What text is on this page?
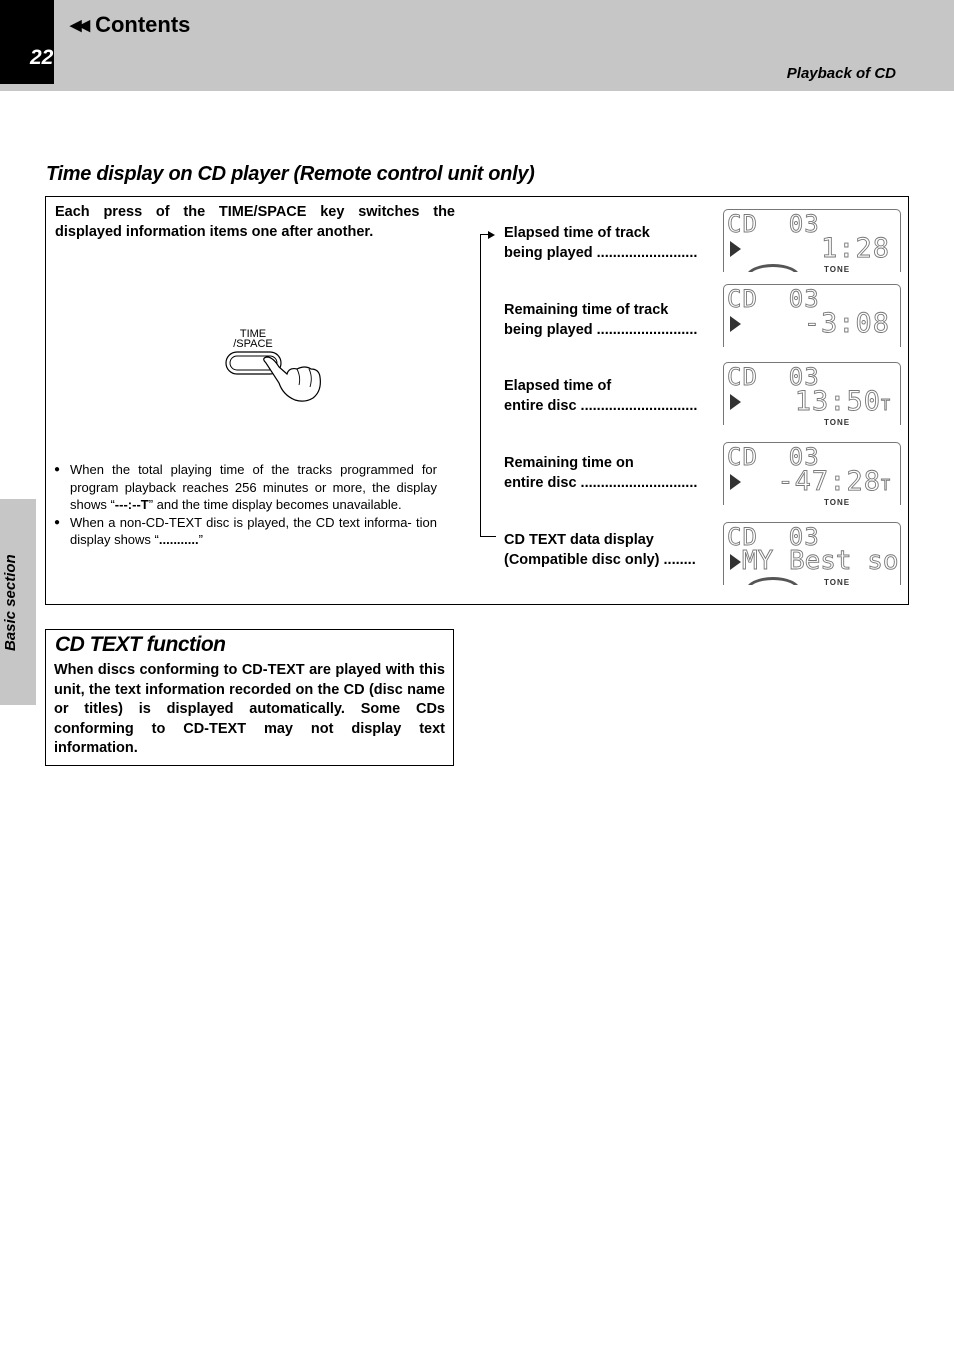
22
◀◀ Contents
Playback of CD
Basic section
Time display on CD player (Remote control unit only)
Each press of the TIME/SPACE key switches the displayed information items one after another.
TIME
/SPACE
● When the total playing time of the tracks programmed for program playback reaches 256 minutes or more, the display shows “---:--T” and the time display becomes unavailable.
● When a non-CD-TEXT disc is played, the CD text informa- tion display shows “...........”
Elapsed time of track
being played .........................
CD  03
1:28
TONE
Remaining time of track
being played .........................
CD  03
-3:08
Elapsed time of
entire disc .............................
CD  03
13:50T
TONE
Remaining time on
entire disc .............................
CD  03
-47:28T
TONE
CD TEXT data display
(Compatible disc only) ........
CD  03
MY Best so
TONE
CD TEXT function
When discs conforming to CD-TEXT are played with this unit, the text information recorded on the CD (disc name or titles) is displayed automatically. Some CDs conforming to CD-TEXT may not display text information.
